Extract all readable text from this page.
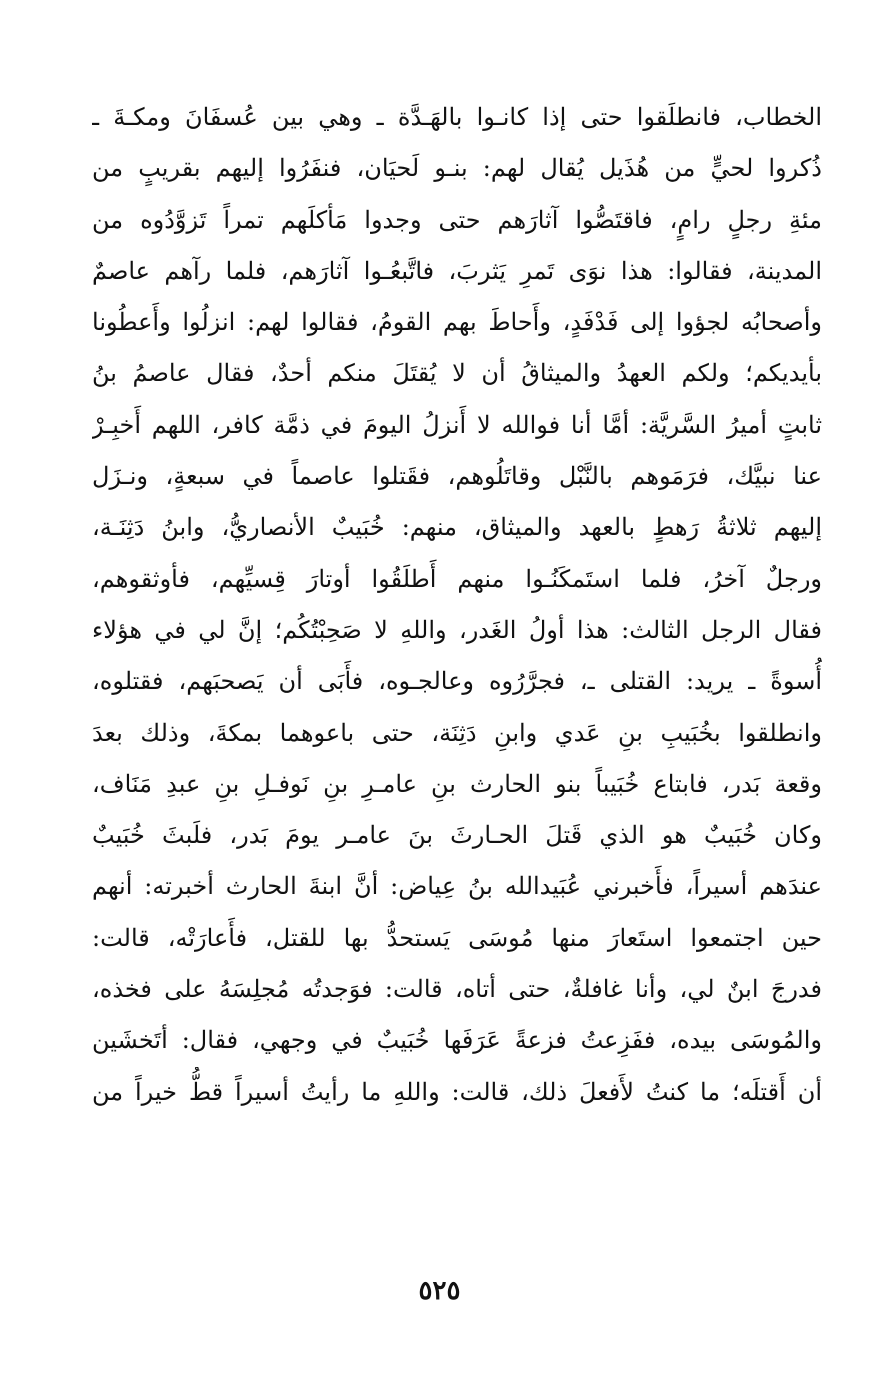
الخطاب، فانطلَقوا حتى إذا كانـوا بالهَـدَّة ـ وهي بين عُسفَانَ ومكـةَ ـ
ذُكروا لحيٍّ من هُذَيل يُقال لهم: بنـو لَحيَان، فنفَرُوا إليهم بقريبٍ من
مئةِ رجلٍ رامٍ، فاقتَصُّوا آثارَهم حتى وجدوا مَأكلَهم تمراً تَزوَّدُوه من
المدينة، فقالوا: هذا نوَى تَمرِ يَثربَ، فاتَّبعُـوا آثارَهم، فلما رآهم عاصمٌ
وأصحابُه لجؤوا إلى فَدْفَدٍ، وأَحاطَ بهم القومُ، فقالوا لهم: انزلُوا وأَعطُونا
بأيديكم؛ ولكم العهدُ والميثاقُ أن لا يُقتَلَ منكم أحدٌ، فقال عاصمُ بنُ
ثابتٍ أميرُ السَّريَّة: أمَّا أنا فوالله لا أَنزلُ اليومَ في ذمَّة كافر، اللهم أَخبِـرْ
عنا نبيَّك، فرَمَوهم بالنَّبْل وقاتَلُوهم، فقَتلوا عاصماً في سبعةٍ، ونـزَل
إليهم ثلاثةُ رَهطٍ بالعهد والميثاق، منهم: خُبَيبٌ الأنصاريُّ، وابنُ دَثِنَـة،
ورجلٌ آخرُ، فلما استَمكَنُـوا منهم أَطلَقُوا أوتارَ قِسيِّهم، فأوثقوهم،
فقال الرجل الثالث: هذا أولُ الغَدر، واللهِ لا صَحِبْتُكُم؛ إنَّ لي في هؤلاء
أُسوةً ـ يريد: القتلى ـ، فجرَّرُوه وعالجـوه، فأَبَى أن يَصحبَهم، فقتلوه،
وانطلقوا بخُبَيبِ بنِ عَدي وابنِ دَثِنَة، حتى باعوهما بمكةَ، وذلك بعدَ
وقعة بَدر، فابتاع خُبَيباً بنو الحارث بنِ عامـرِ بنِ نَوفـلِ بنِ عبدِ مَنَاف،
وكان خُبَيبٌ هو الذي قَتلَ الحـارثَ بنَ عامـر يومَ بَدر، فلَبثَ خُبَيبٌ
عندَهم أسيراً، فأَخبرني عُبَيدالله بنُ عِياض: أنَّ ابنةَ الحارث أخبرته: أنهم
حين اجتمعوا استَعارَ منها مُوسَى يَستحدُّ بها للقتل، فأَعارَتْه، قالت:
فدرجَ ابنٌ لي، وأنا غافلةٌ، حتى أتاه، قالت: فوَجدتُه مُجلِسَهُ على فخذه،
والمُوسَى بيده، ففَزِعتُ فزعةً عَرَفَها خُبَيبٌ في وجهي، فقال: أتَخشَين
أن أَقتلَه؛ ما كنتُ لأَفعلَ ذلك، قالت: واللهِ ما رأيتُ أسيراً قطُّ خيراً من
٥٢٥
